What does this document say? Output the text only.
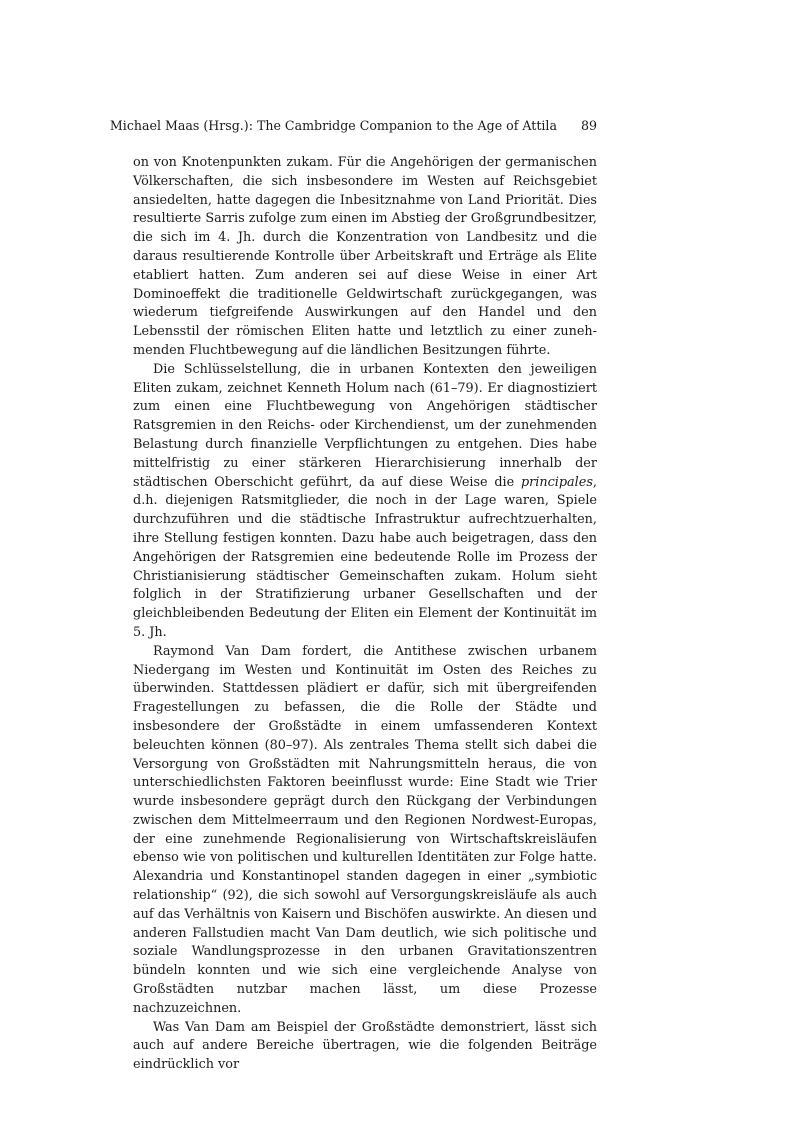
Michael Maas (Hrsg.): The Cambridge Companion to the Age of Attila 89

on von Knotenpunkten zukam. Für die Angehörigen der germanischen Völkerschaften, die sich insbesondere im Westen auf Reichsgebiet ansiedelten, hatte dagegen die Inbesitznahme von Land Priorität. Dies resultierte Sarris zufolge zum einen im Abstieg der Großgrundbesitzer, die sich im 4. Jh. durch die Konzentration von Landbesitz und die daraus resultierende Kontrolle über Arbeitskraft und Erträge als Elite etabliert hatten. Zum anderen sei auf diese Weise in einer Art Dominoeffekt die traditionelle Geldwirtschaft zurückgegangen, was wiederum tiefgreifende Auswirkungen auf den Handel und den Lebensstil der römischen Eliten hatte und letztlich zu einer zunehmenden Fluchtbewegung auf die ländlichen Besitzungen führte.

Die Schlüsselstellung, die in urbanen Kontexten den jeweiligen Eliten zukam, zeichnet Kenneth Holum nach (61–79). Er diagnostiziert zum einen eine Fluchtbewegung von Angehörigen städtischer Ratsgremien in den Reichs- oder Kirchendienst, um der zunehmenden Belastung durch finanzielle Verpflichtungen zu entgehen. Dies habe mittelfristig zu einer stärkeren Hierarchisierung innerhalb der städtischen Oberschicht geführt, da auf diese Weise die principales, d.h. diejenigen Ratsmitglieder, die noch in der Lage waren, Spiele durchzuführen und die städtische Infrastruktur aufrechtzuerhalten, ihre Stellung festigen konnten. Dazu habe auch beigetragen, dass den Angehörigen der Ratsgremien eine bedeutende Rolle im Prozess der Christianisierung städtischer Gemeinschaften zukam. Holum sieht folglich in der Stratifizierung urbaner Gesellschaften und der gleichbleibenden Bedeutung der Eliten ein Element der Kontinuität im 5. Jh.

Raymond Van Dam fordert, die Antithese zwischen urbanem Niedergang im Westen und Kontinuität im Osten des Reiches zu überwinden. Stattdessen plädiert er dafür, sich mit übergreifenden Fragestellungen zu befassen, die die Rolle der Städte und insbesondere der Großstädte in einem umfassenderen Kontext beleuchten können (80–97). Als zentrales Thema stellt sich dabei die Versorgung von Großstädten mit Nahrungsmitteln heraus, die von unterschiedlichsten Faktoren beeinflusst wurde: Eine Stadt wie Trier wurde insbesondere geprägt durch den Rückgang der Verbindungen zwischen dem Mittelmeerraum und den Regionen Nordwest-Europas, der eine zunehmende Regionalisierung von Wirtschaftskreisläufen ebenso wie von politischen und kulturellen Identitäten zur Folge hatte. Alexandria und Konstantinopel standen dagegen in einer „symbiotic relationship“ (92), die sich sowohl auf Versorgungskreisläufe als auch auf das Verhältnis von Kaisern und Bischöfen auswirkte. An diesen und anderen Fallstudien macht Van Dam deutlich, wie sich politische und soziale Wandlungsprozesse in den urbanen Gravitationszentren bündeln konnten und wie sich eine vergleichende Analyse von Großstädten nutzbar machen lässt, um diese Prozesse nachzuzeichnen.

Was Van Dam am Beispiel der Großstädte demonstriert, lässt sich auch auf andere Bereiche übertragen, wie die folgenden Beiträge eindrücklich vor
